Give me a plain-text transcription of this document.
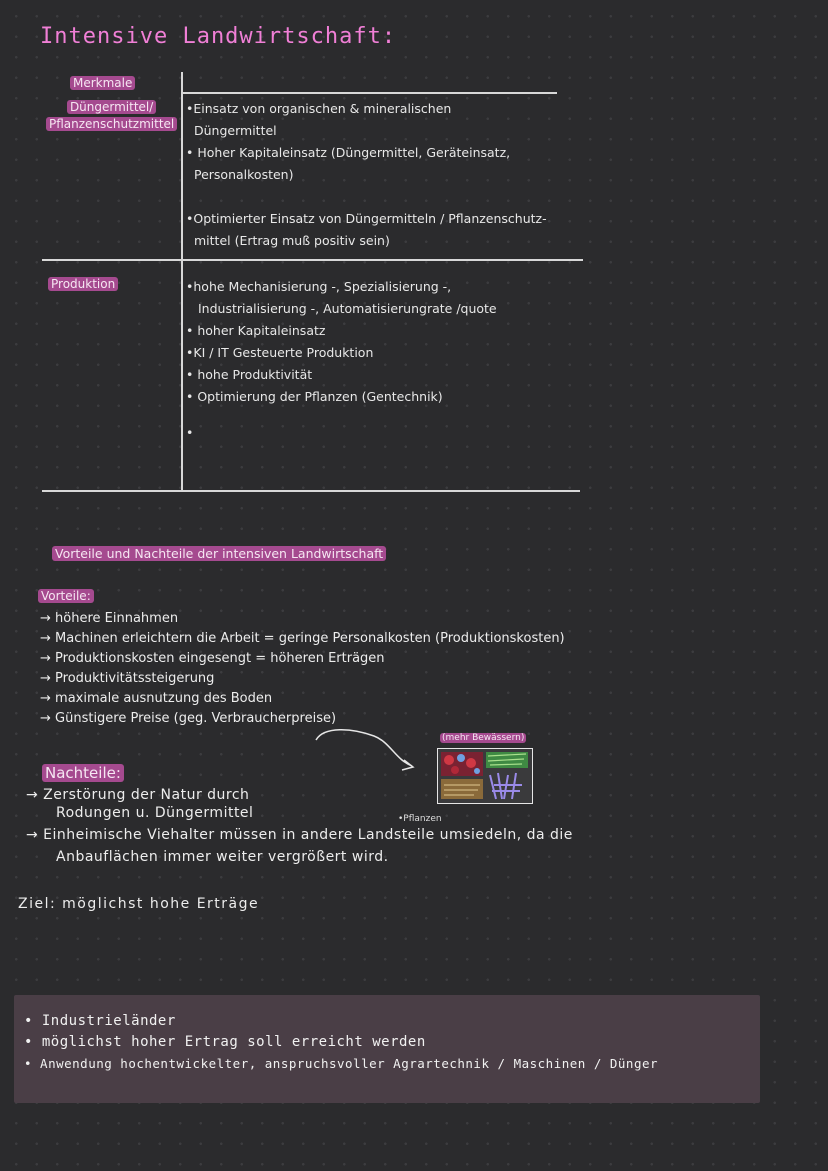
Intensive Landwirtschaft:
Merkmale
Düngermittel/
Pflanzenschutzmittel
•Einsatz von organischen & mineralischen
Düngermittel
• Hoher Kapitaleinsatz (Düngermittel, Geräteinsatz,
Personalkosten)
•Optimierter Einsatz von Düngermitteln / Pflanzenschutz-
mittel (Ertrag muß positiv sein)
Produktion	•hohe Mechanisierung -, Spezialisierung -,
Industrialisierung -, Automatisierungrate /quote
• hoher Kapitaleinsatz
•KI / IT Gesteuerte Produktion
• hohe Produktivität
• Optimierung der Pflanzen (Gentechnik)
•
Vorteile und Nachteile der intensiven Landwirtschaft
Vorteile:
→ höhere Einnahmen
→ Machinen erleichtern die Arbeit = geringe Personalkosten (Produktionskosten)
→ Produktionskosten eingesengt = höheren Erträgen
→ Produktivitätssteigerung
→ maximale ausnutzung des Boden
→ Günstigere Preise (geg. Verbraucherpreise)
(mehr Bewässern)
•Pflanzen
Nachteile:
→ Zerstörung der Natur durch
Rodungen u. Düngermittel
→ Einheimische Viehalter müssen in andere Landsteile umsiedeln, da die
Anbauflächen immer weiter vergrößert wird.
Ziel: möglichst hohe Erträge
• Industrieländer
• möglichst hoher Ertrag soll erreicht werden
• Anwendung hochentwickelter, anspruchsvoller Agrartechnik / Maschinen / Dünger
